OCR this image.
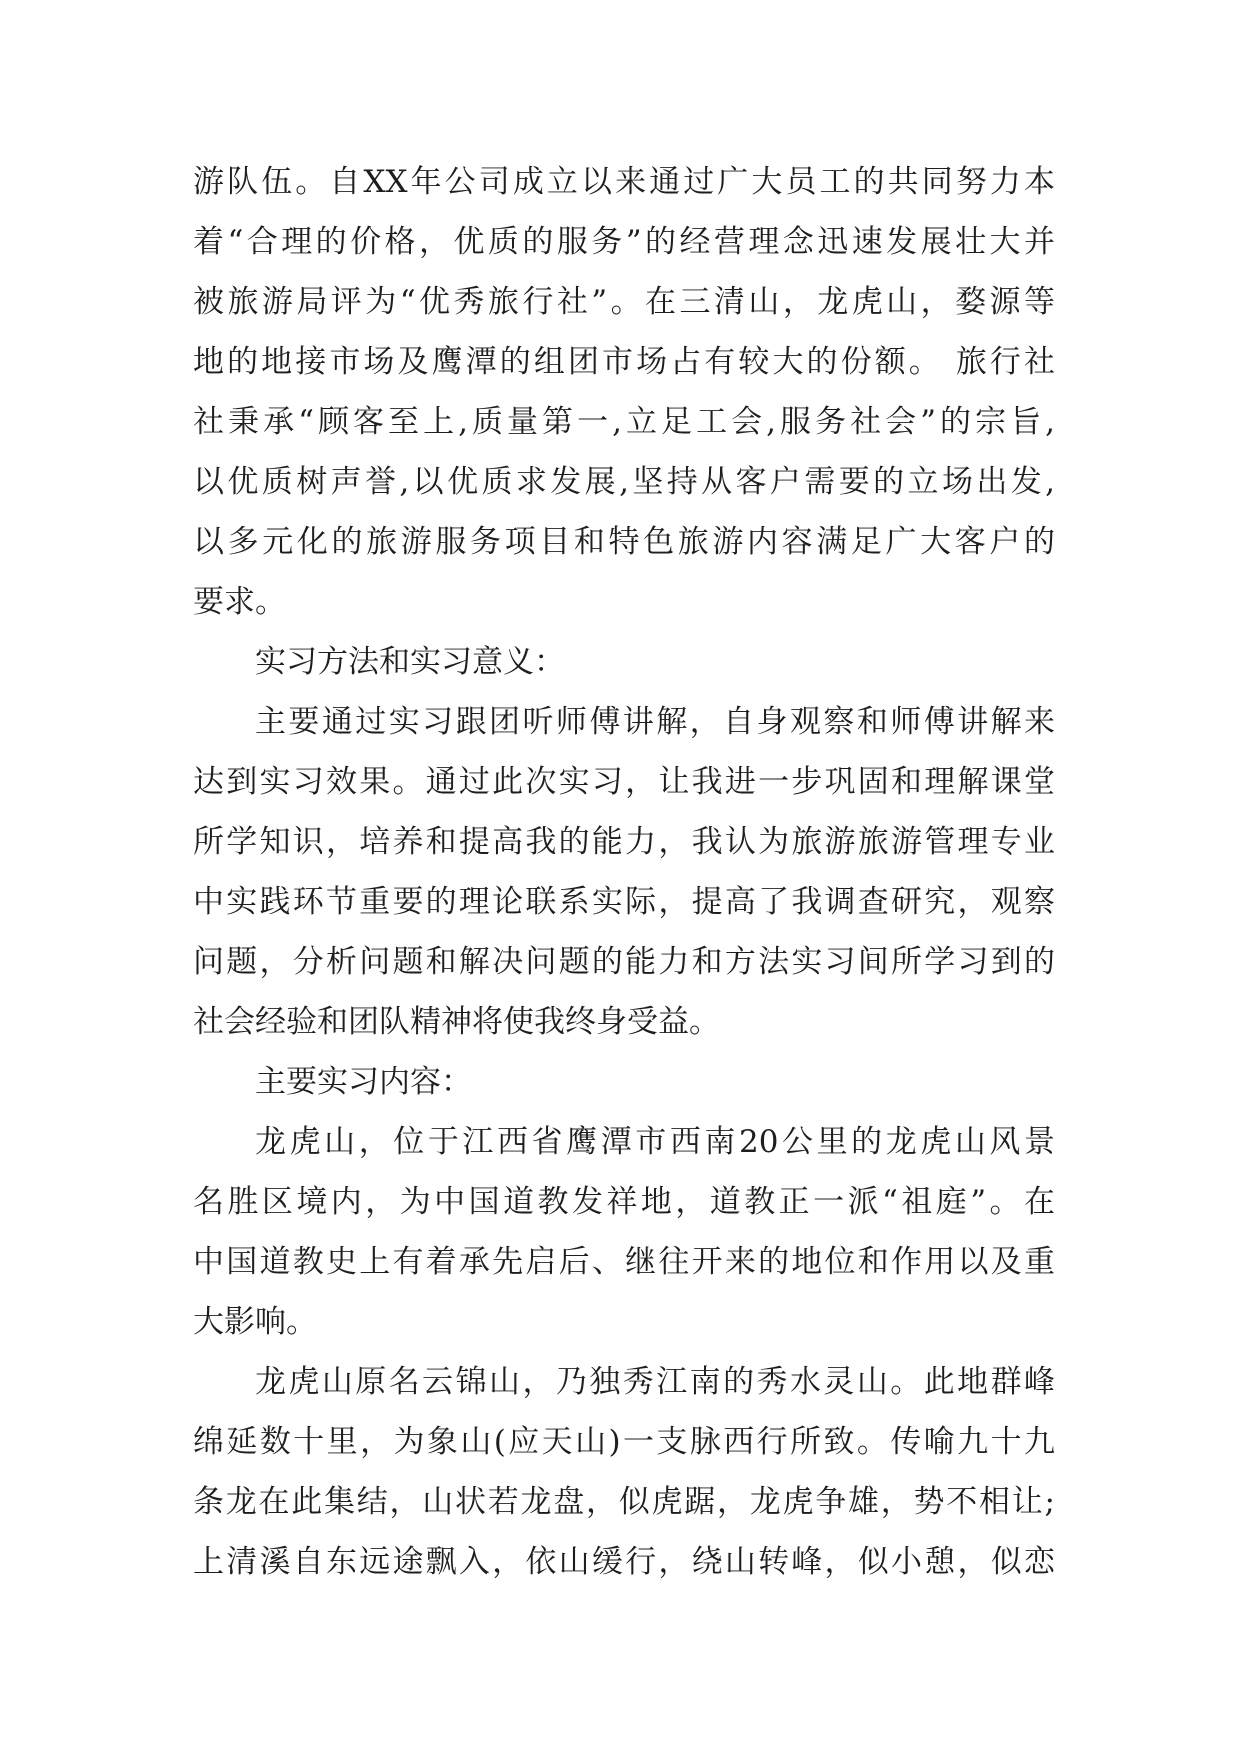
游队伍。自XX年公司成立以来通过广大员工的共同努力本
着“合理的价格，优质的服务”的经营理念迅速发展壮大并
被旅游局评为“优秀旅行社”。在三清山，龙虎山，婺源等
地的地接市场及鹰潭的组团市场占有较大的份额。 旅行社
社秉承“顾客至上,质量第一,立足工会,服务社会”的宗旨,
以优质树声誉,以优质求发展,坚持从客户需要的立场出发,
以多元化的旅游服务项目和特色旅游内容满足广大客户的
要求。
实习方法和实习意义：
主要通过实习跟团听师傅讲解，自身观察和师傅讲解来
达到实习效果。通过此次实习，让我进一步巩固和理解课堂
所学知识，培养和提高我的能力，我认为旅游旅游管理专业
中实践环节重要的理论联系实际，提高了我调查研究，观察
问题，分析问题和解决问题的能力和方法实习间所学习到的
社会经验和团队精神将使我终身受益。
主要实习内容：
龙虎山，位于江西省鹰潭市西南20公里的龙虎山风景
名胜区境内，为中国道教发祥地，道教正一派“祖庭”。在
中国道教史上有着承先启后、继往开来的地位和作用以及重
大影响。
龙虎山原名云锦山，乃独秀江南的秀水灵山。此地群峰
绵延数十里，为象山(应天山)一支脉西行所致。传喻九十九
条龙在此集结，山状若龙盘，似虎踞，龙虎争雄，势不相让;
上清溪自东远途飘入，依山缓行，绕山转峰，似小憩，似恋
